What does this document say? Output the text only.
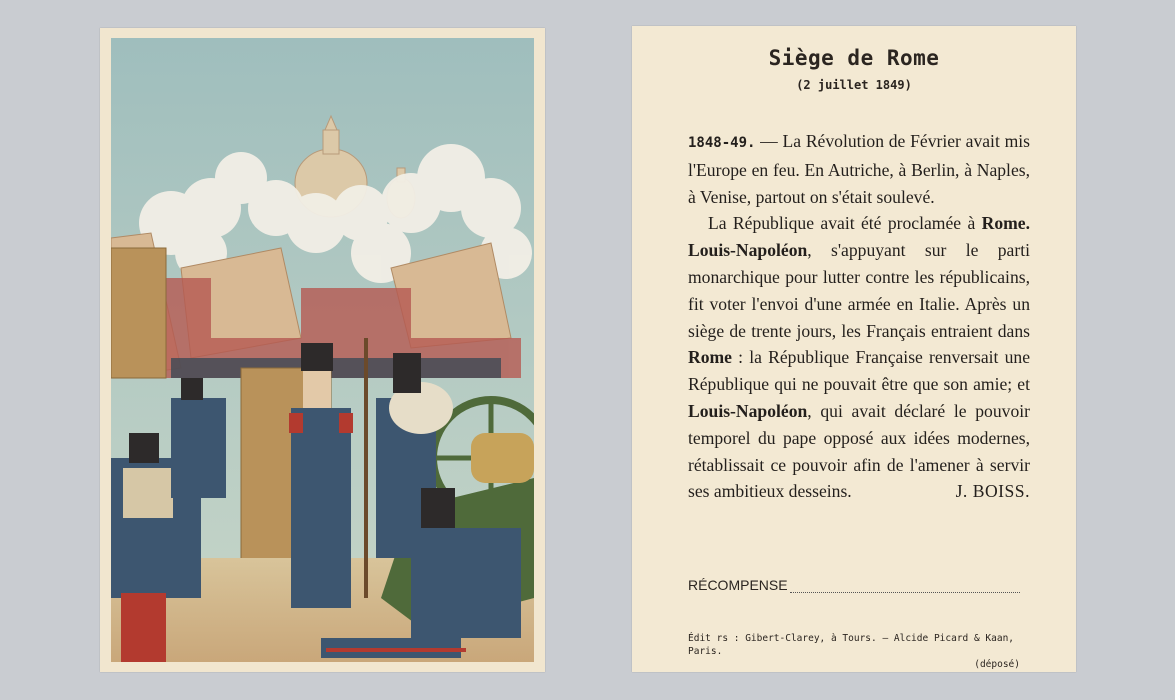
Siège de Rome
(2 juillet 1849)

1848-49. — La Révolution de Février avait mis l'Europe en feu. En Autriche, à Berlin, à Naples, à Venise, partout on s'était soulevé.

La République avait été proclamée à Rome. Louis-Napoléon, s'appuyant sur le parti monarchique pour lutter contre les républicains, fit voter l'envoi d'une armée en Italie. Après un siège de trente jours, les Français entraient dans Rome : la République Française renversait une République qui ne pouvait être que son amie; et Louis-Napoléon, qui avait déclaré le pouvoir temporel du pape opposé aux idées modernes, rétablissait ce pouvoir afin de l'amener à servir ses ambitieux desseins.	J. BOISS.

RÉCOMPENSE
Édit rs : Gibert-Clarey, à Tours. — Alcide Picard & Kaan, Paris.
(déposé)
